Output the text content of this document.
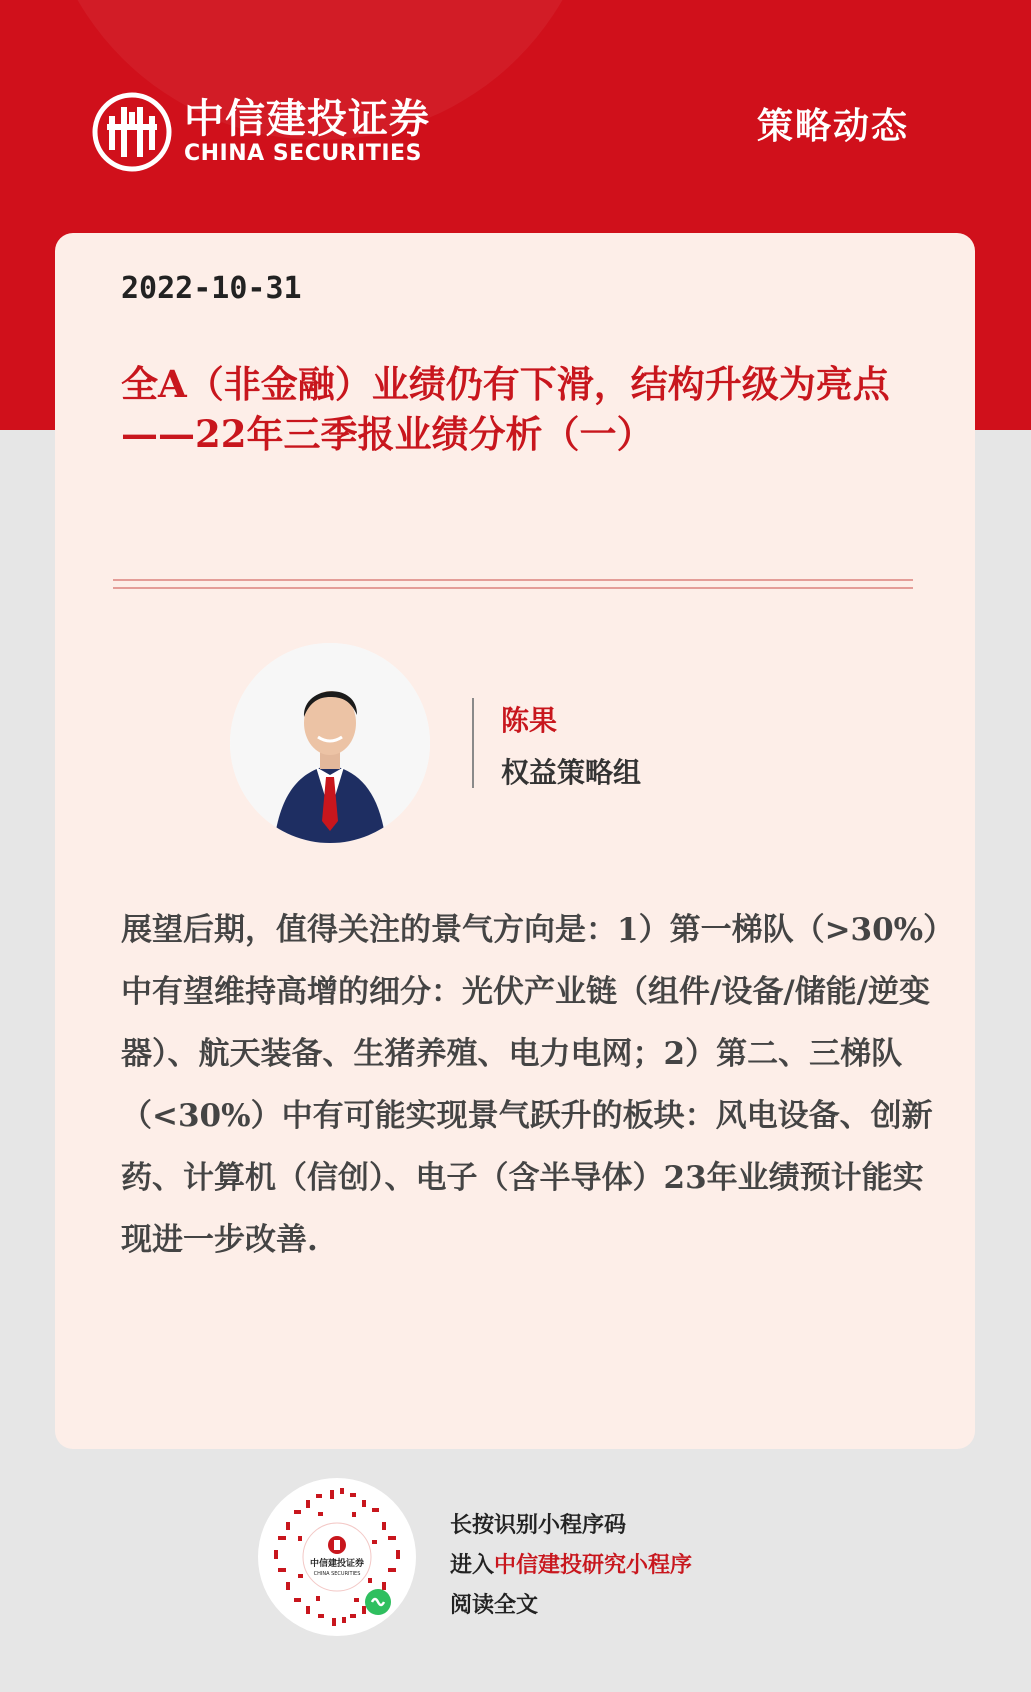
中信建投证券
CHINA SECURITIES
策略动态
2022-10-31
全A（非金融）业绩仍有下滑，结构升级为亮点——22年三季报业绩分析（一）
陈果
权益策略组
展望后期，值得关注的景气方向是：1）第一梯队（>30%）中有望维持高增的细分：光伏产业链（组件/设备/储能/逆变器）、航天装备、生猪养殖、电力电网；2）第二、三梯队（<30%）中有可能实现景气跃升的板块：风电设备、创新药、计算机（信创）、电子（含半导体）23年业绩预计能实现进一步改善.
中信建投证券
CHINA SECURITIES
长按识别小程序码
进入中信建投研究小程序
阅读全文
